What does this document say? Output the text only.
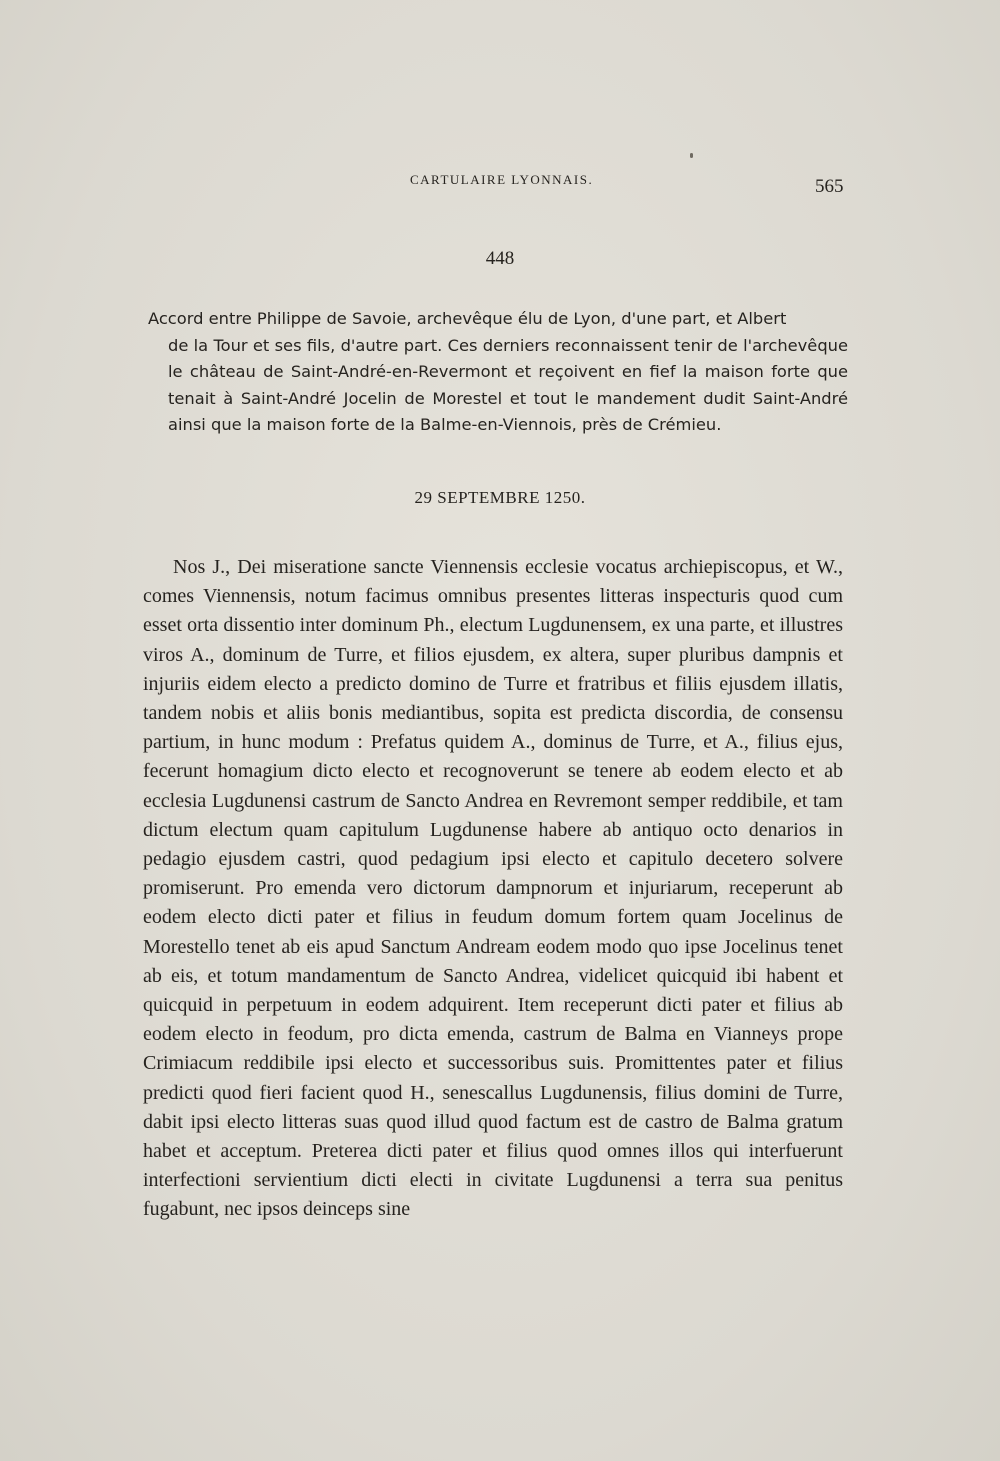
CARTULAIRE LYONNAIS.	565
448

Accord entre Philippe de Savoie, archevêque élu de Lyon, d'une part, et Albert
de la Tour et ses fils, d'autre part. Ces derniers reconnaissent tenir de l'archevêque le château de Saint-André-en-Revermont et reçoivent en fief la maison forte que tenait à Saint-André Jocelin de Morestel et tout le mandement dudit Saint-André ainsi que la maison forte de la Balme-en-Viennois, près de Crémieu.

29 SEPTEMBRE 1250.

Nos J., Dei miseratione sancte Viennensis ecclesie vocatus archiepiscopus, et W., comes Viennensis, notum facimus omnibus presentes litteras inspecturis quod cum esset orta dissentio inter dominum Ph., electum Lugdunensem, ex una parte, et illustres viros A., dominum de Turre, et filios ejusdem, ex altera, super pluribus dampnis et injuriis eidem electo a predicto domino de Turre et fratribus et filiis ejusdem illatis, tandem nobis et aliis bonis mediantibus, sopita est predicta discordia, de consensu partium, in hunc modum : Prefatus quidem A., dominus de Turre, et A., filius ejus, fecerunt homagium dicto electo et recognoverunt se tenere ab eodem electo et ab ecclesia Lugdunensi castrum de Sancto Andrea en Revremont semper reddibile, et tam dictum electum quam capitulum Lugdunense habere ab antiquo octo denarios in pedagio ejusdem castri, quod pedagium ipsi electo et capitulo decetero solvere promiserunt. Pro emenda vero dictorum dampnorum et injuriarum, receperunt ab eodem electo dicti pater et filius in feudum domum fortem quam Jocelinus de Morestello tenet ab eis apud Sanctum Andream eodem modo quo ipse Jocelinus tenet ab eis, et totum mandamentum de Sancto Andrea, videlicet quicquid ibi habent et quicquid in perpetuum in eodem adquirent. Item receperunt dicti pater et filius ab eodem electo in feodum, pro dicta emenda, castrum de Balma en Vianneys prope Crimiacum reddibile ipsi electo et successoribus suis. Promittentes pater et filius predicti quod fieri facient quod H., senescallus Lugdunensis, filius domini de Turre, dabit ipsi electo litteras suas quod illud quod factum est de castro de Balma gratum habet et acceptum. Preterea dicti pater et filius quod omnes illos qui interfuerunt interfectioni servientium dicti electi in civitate Lugdunensi a terra sua penitus fugabunt, nec ipsos deinceps sine
